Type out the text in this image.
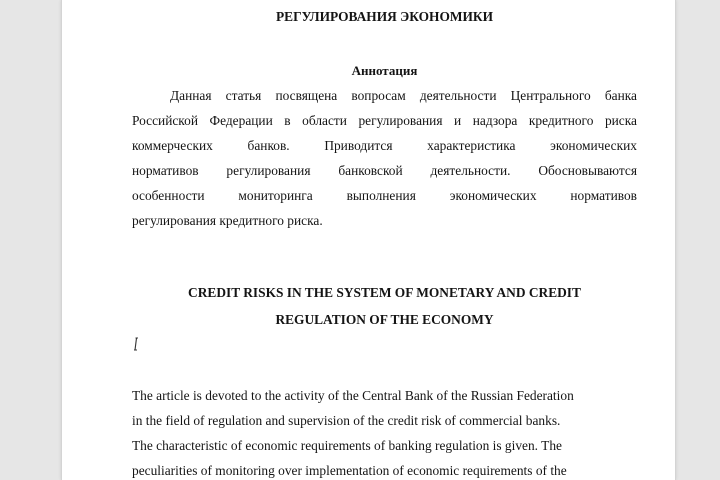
РЕГУЛИРОВАНИЯ ЭКОНОМИКИ
Аннотация
Данная статья посвящена вопросам деятельности Центрального банка
Российской Федерации в области регулирования и надзора кредитного риска
коммерческих банков. Приводится характеристика экономических
нормативов регулирования банковской деятельности. Обосновываются
особенности мониторинга выполнения экономических нормативов
регулирования кредитного риска.
CREDIT RISKS IN THE SYSTEM OF MONETARY AND CREDIT
REGULATION OF THE ECONOMY
The article is devoted to the activity of the Central Bank of the Russian Federation
in the field of regulation and supervision of the credit risk of commercial banks.
The characteristic of economic requirements of banking regulation is given. The
peculiarities of monitoring over implementation of economic requirements of the
